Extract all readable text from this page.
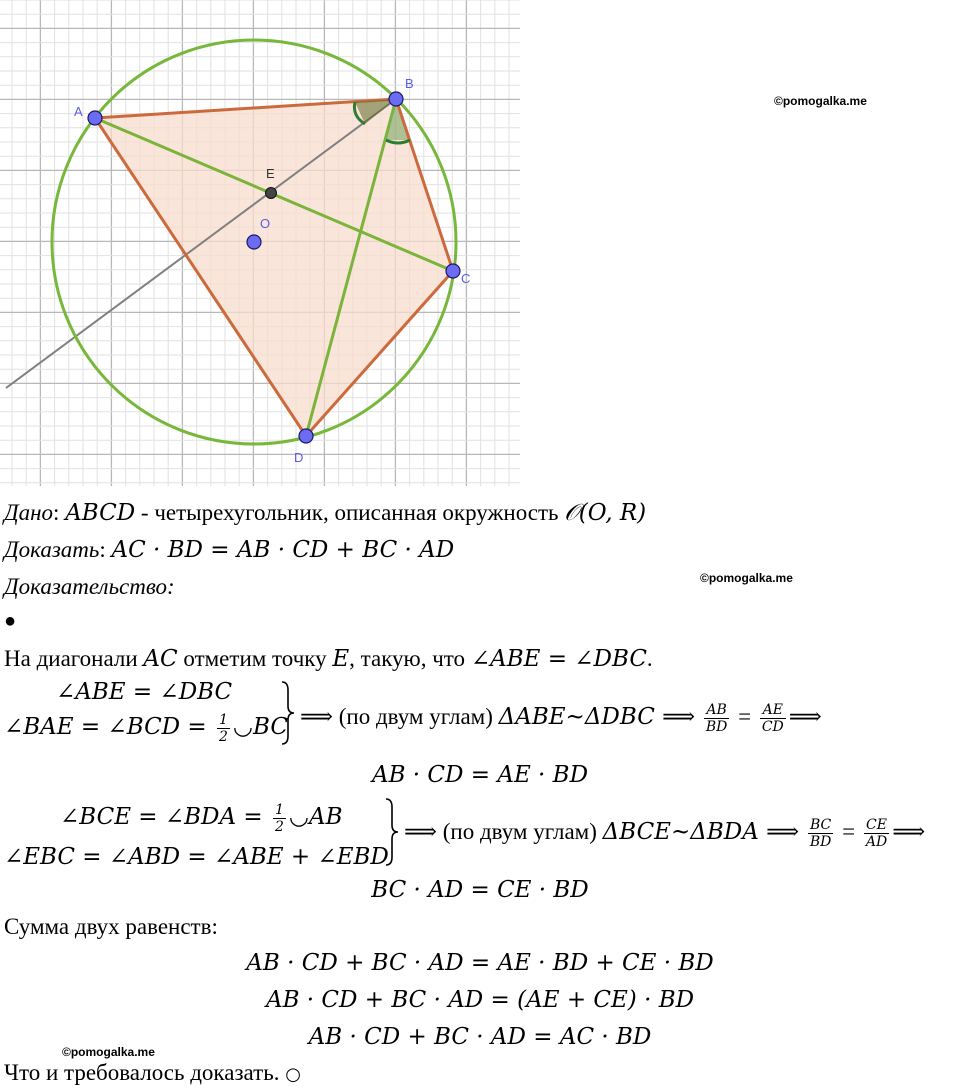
A
B
C
D
E
O
©pomogalka.me
©pomogalka.me
©pomogalka.me
Дано: ABCD - четырехугольник, описанная окружность 𝒪(O, R)
Доказать: AC · BD = AB · CD + BC · AD
Доказательство:
●
На диагонали AC отметим точку E, такую, что ∠ABE = ∠DBC.
∠ABE = ∠DBC
∠BAE = ∠BCD = $\frac{1}{2}$ ◡BC ⟹ (по двум углам) ΔABE~ΔDBC ⟹ $\frac{AB}{BD} = \frac{AE}{CD}$ ⟹
AB · CD = AE · BD
∠BCE = ∠BDA = $\frac{1}{2}$ ◡AB
∠EBC = ∠ABD = ∠ABE + ∠EBD
⟹ (по двум углам) ΔBCE~ΔBDA ⟹ $\frac{BC}{BD} = \frac{CE}{AD}$ ⟹
BC · AD = CE · BD
Сумма двух равенств:
AB · CD + BC · AD = AE · BD + CE · BD
AB · CD + BC · AD = (AE + CE) · BD
AB · CD + BC · AD = AC · BD
Что и требовалось доказать. ○
